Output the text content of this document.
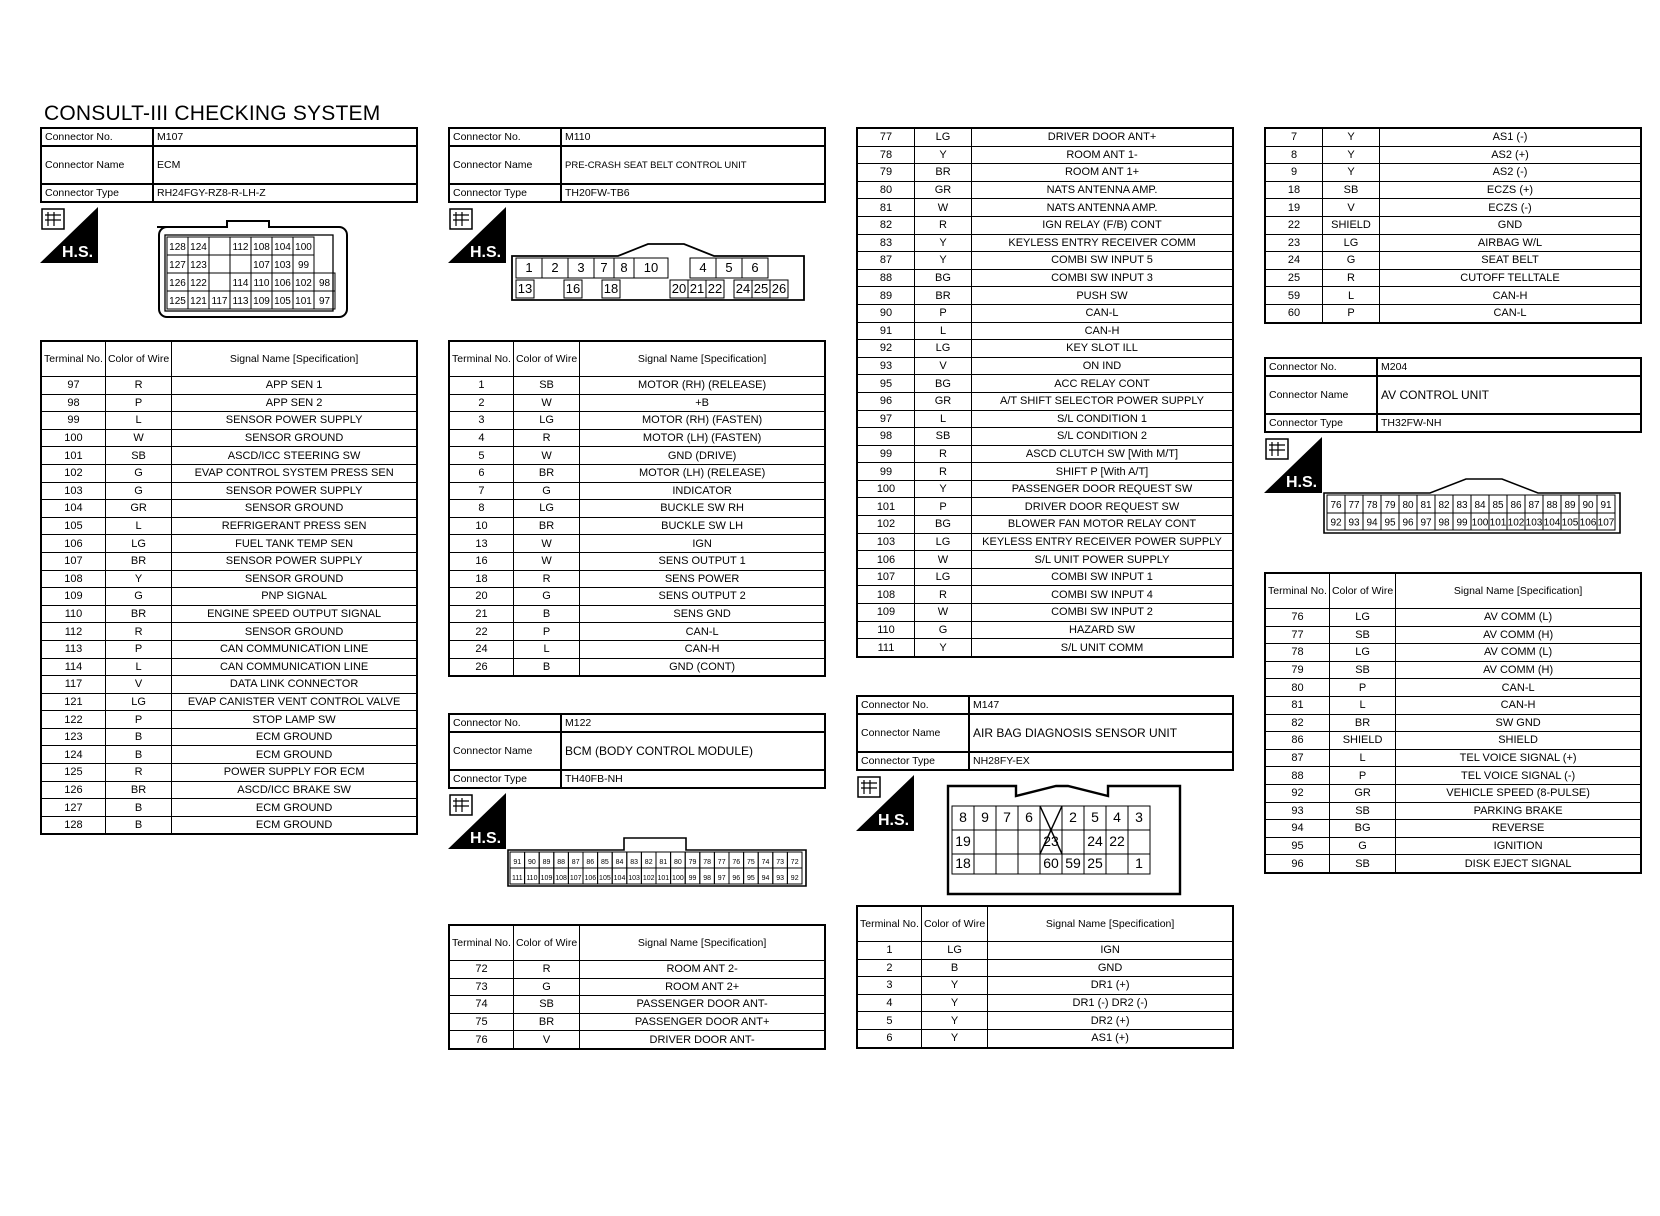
CONSULT-III CHECKING SYSTEM
Connector No.	M107
Connector Name	ECM
Connector Type	RH24FGY-RZ8-R-LH-Z
H.S.	128 124	112 108 104 100
127 123	107 103 99
126 122	114 110 106 102 98
125 121 117 113 109 105 101 97
Terminal No.	Color of Wire	Signal Name [Specification]
97	R	APP SEN 1
98	P	APP SEN 2
99	L	SENSOR POWER SUPPLY
100	W	SENSOR GROUND
101	SB	ASCD/ICC STEERING SW
102	G	EVAP CONTROL SYSTEM PRESS SEN
103	G	SENSOR POWER SUPPLY
104	GR	SENSOR GROUND
105	L	REFRIGERANT PRESS SEN
106	LG	FUEL TANK TEMP SEN
107	BR	SENSOR POWER SUPPLY
108	Y	SENSOR GROUND
109	G	PNP SIGNAL
110	BR	ENGINE SPEED OUTPUT SIGNAL
112	R	SENSOR GROUND
113	P	CAN COMMUNICATION LINE
114	L	CAN COMMUNICATION LINE
117	V	DATA LINK CONNECTOR
121	LG	EVAP CANISTER VENT CONTROL VALVE
122	P	STOP LAMP SW
123	B	ECM GROUND
124	B	ECM GROUND
125	R	POWER SUPPLY FOR ECM
126	BR	ASCD/ICC BRAKE SW
127	B	ECM GROUND
128	B	ECM GROUND
Connector No.	M110
Connector Name	PRE-CRASH SEAT BELT CONTROL UNIT
Connector Type	TH20FW-TB6
H.S.
1 2 3 7 8 10	4 5 6
13	16 18	20 21 22 24 25 26
Terminal No.	Color of Wire	Signal Name [Specification]
1	SB	MOTOR (RH) (RELEASE)
2	W	+B
3	LG	MOTOR (RH) (FASTEN)
4	R	MOTOR (LH) (FASTEN)
5	W	GND (DRIVE)
6	BR	MOTOR (LH) (RELEASE)
7	G	INDICATOR
8	LG	BUCKLE SW RH
10	BR	BUCKLE SW LH
13	W	IGN
16	W	SENS OUTPUT 1
18	R	SENS POWER
20	G	SENS OUTPUT 2
21	B	SENS GND
22	P	CAN-L
24	L	CAN-H
26	B	GND (CONT)
Connector No.	M122
Connector Name	BCM (BODY CONTROL MODULE)
Connector Type	TH40FB-NH
H.S.
91 90 89 88 87 86 85 84 83 82 81 80 79 78 77 76 75 74 73 72
111 110 109 108 107 106 105 104 103 102 101 100 99 98 97 96 95 94 93 92
Terminal No.	Color of Wire	Signal Name [Specification]
72	R	ROOM ANT 2-
73	G	ROOM ANT 2+
74	SB	PASSENGER DOOR ANT-
75	BR	PASSENGER DOOR ANT+
76	V	DRIVER DOOR ANT-
77	LG	DRIVER DOOR ANT+
78	Y	ROOM ANT 1-
79	BR	ROOM ANT 1+
80	GR	NATS ANTENNA AMP.
81	W	NATS ANTENNA AMP.
82	R	IGN RELAY (F/B) CONT
83	Y	KEYLESS ENTRY RECEIVER COMM
87	Y	COMBI SW INPUT 5
88	BG	COMBI SW INPUT 3
89	BR	PUSH SW
90	P	CAN-L
91	L	CAN-H
92	LG	KEY SLOT ILL
93	V	ON IND
95	BG	ACC RELAY CONT
96	GR	A/T SHIFT SELECTOR POWER SUPPLY
97	L	S/L CONDITION 1
98	SB	S/L CONDITION 2
99	R	ASCD CLUTCH SW [With M/T]
99	R	SHIFT P [With A/T]
100	Y	PASSENGER DOOR REQUEST SW
101	P	DRIVER DOOR REQUEST SW
102	BG	BLOWER FAN MOTOR RELAY CONT
103	LG	KEYLESS ENTRY RECEIVER POWER SUPPLY
106	W	S/L UNIT POWER SUPPLY
107	LG	COMBI SW INPUT 1
108	R	COMBI SW INPUT 4
109	W	COMBI SW INPUT 2
110	G	HAZARD SW
111	Y	S/L UNIT COMM
Connector No.	M147
Connector Name	AIR BAG DIAGNOSIS SENSOR UNIT
Connector Type	NH28FY-EX
H.S.	8 9 7 6	2 5 4 3
19	23 24 22
18	60 59 25 1
Terminal No.	Color of Wire	Signal Name [Specification]
1	LG	IGN
2	B	GND
3	Y	DR1 (+)
4	Y	DR1 (-) DR2 (-)
5	Y	DR2 (+)
6	Y	AS1 (+)
7	Y	AS1 (-)
8	Y	AS2 (+)
9	Y	AS2 (-)
18	SB	ECZS (+)
19	V	ECZS (-)
22	SHIELD	GND
23	LG	AIRBAG W/L
24	G	SEAT BELT
25	R	CUTOFF TELLTALE
59	L	CAN-H
60	P	CAN-L
Connector No.	M204
Connector Name	AV CONTROL UNIT
Connector Type	TH32FW-NH
H.S.
76 77 78 79 80 81 82 83 84 85 86 87 88 89 90 91
92 93 94 95 96 97 98 99 100 101 102 103 104 105 106 107
Terminal No.	Color of Wire	Signal Name [Specification]
76	LG	AV COMM (L)
77	SB	AV COMM (H)
78	LG	AV COMM (L)
79	SB	AV COMM (H)
80	P	CAN-L
81	L	CAN-H
82	BR	SW GND
86	SHIELD	SHIELD
87	L	TEL VOICE SIGNAL (+)
88	P	TEL VOICE SIGNAL (-)
92	GR	VEHICLE SPEED (8-PULSE)
93	SB	PARKING BRAKE
94	BG	REVERSE
95	G	IGNITION
96	SB	DISK EJECT SIGNAL
